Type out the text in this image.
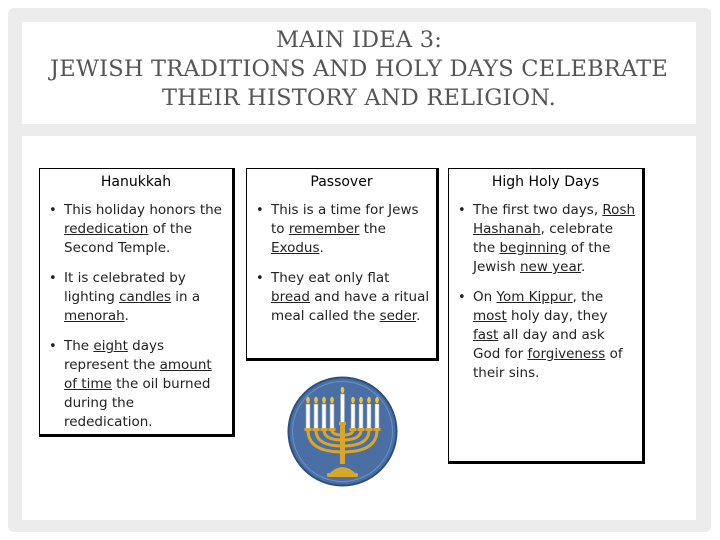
MAIN IDEA 3:
JEWISH TRADITIONS AND HOLY DAYS CELEBRATE
THEIR HISTORY AND RELIGION.
Hanukkah
• This holiday honors the rededication of the Second Temple.
• It is celebrated by lighting candles in a menorah.
• The eight days represent the amount of time the oil burned during the rededication.
Passover
• This is a time for Jews to remember the Exodus.
• They eat only flat bread and have a ritual meal called the seder.
High Holy Days
• The first two days, Rosh Hashanah, celebrate the beginning of the Jewish new year.
• On Yom Kippur, the most holy day, they fast all day and ask God for forgiveness of their sins.
